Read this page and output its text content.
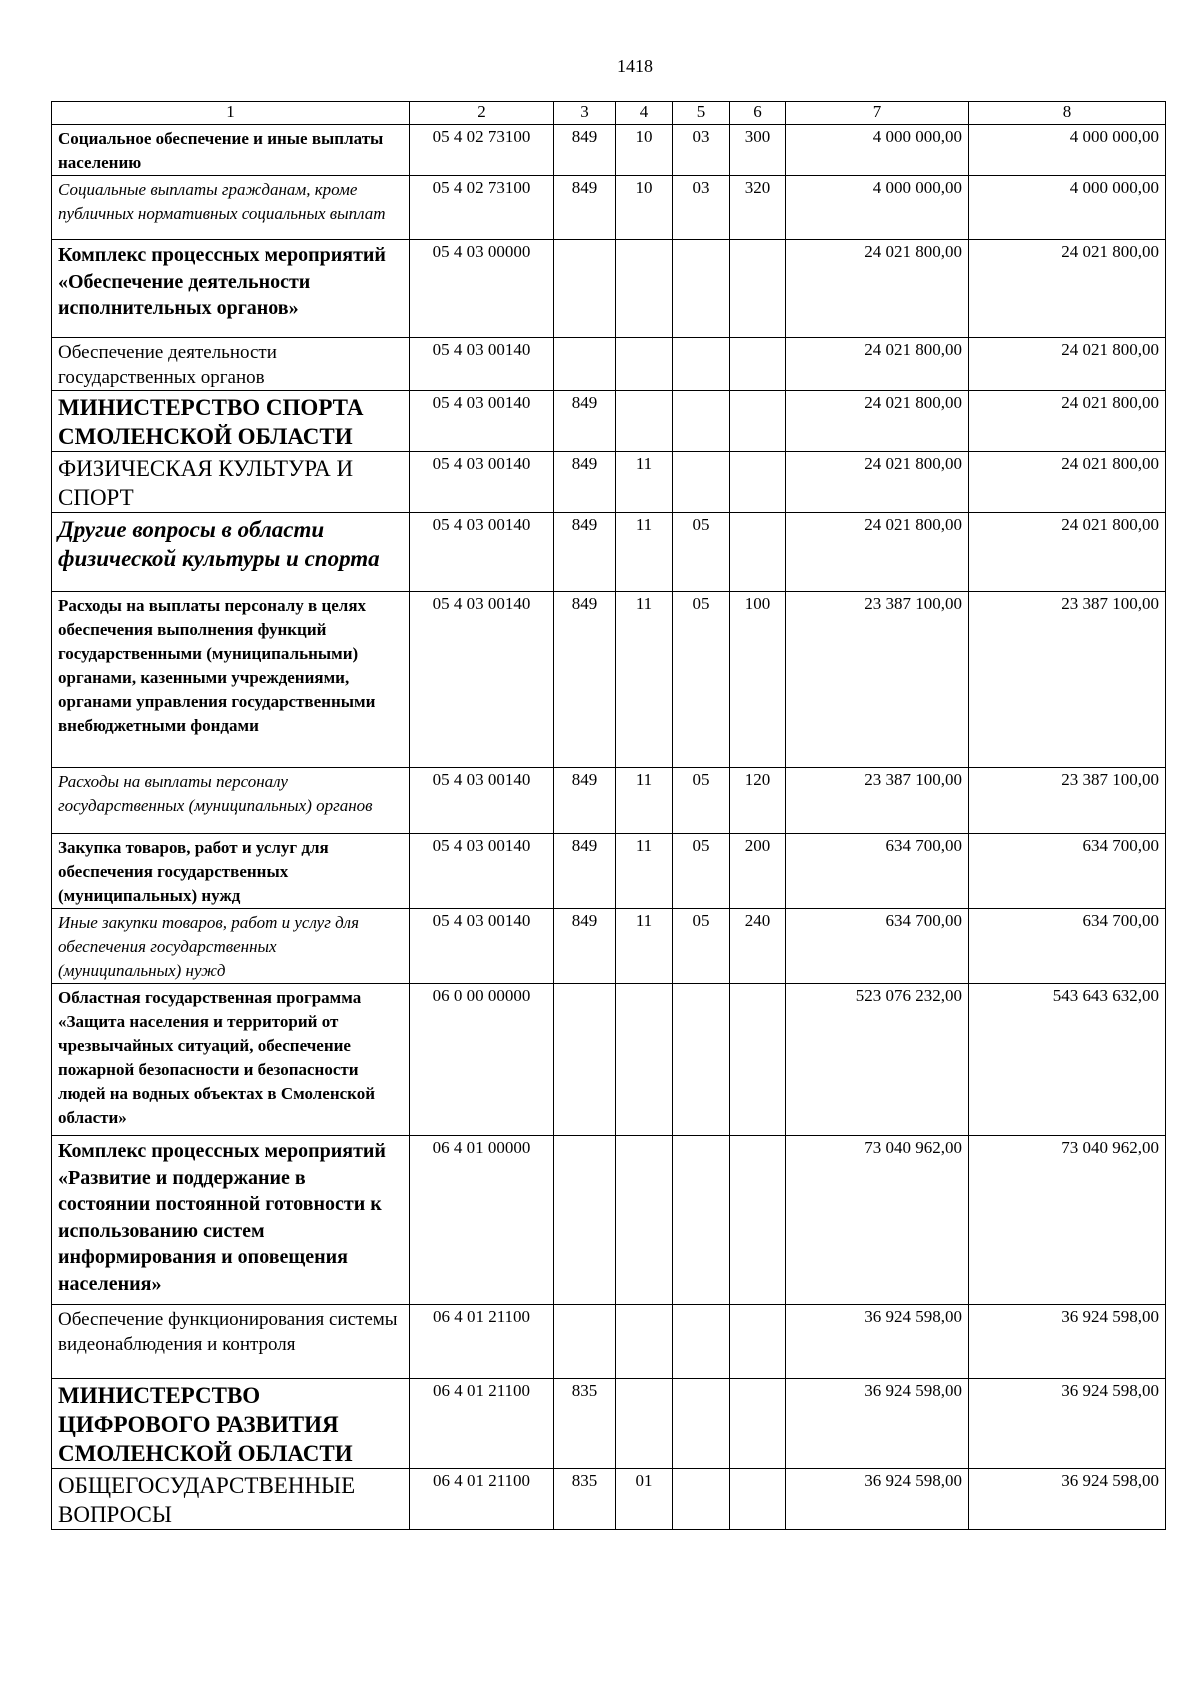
1418
1	2	3	4	5	6	7	8
Социальное обеспечение и иные выплаты населению	05 4 02 73100	849	10	03	300	4 000 000,00	4 000 000,00
Социальные выплаты гражданам, кроме публичных нормативных социальных выплат	05 4 02 73100	849	10	03	320	4 000 000,00	4 000 000,00
Комплекс процессных мероприятий «Обеспечение деятельности исполнительных органов»	05 4 03 00000					24 021 800,00	24 021 800,00
Обеспечение деятельности государственных органов	05 4 03 00140					24 021 800,00	24 021 800,00
МИНИСТЕРСТВО СПОРТА СМОЛЕНСКОЙ ОБЛАСТИ	05 4 03 00140	849				24 021 800,00	24 021 800,00
ФИЗИЧЕСКАЯ КУЛЬТУРА И СПОРТ	05 4 03 00140	849	11			24 021 800,00	24 021 800,00
Другие вопросы в области физической культуры и спорта	05 4 03 00140	849	11	05		24 021 800,00	24 021 800,00
Расходы на выплаты персоналу в целях обеспечения выполнения функций государственными (муниципальными) органами, казенными учреждениями, органами управления государственными внебюджетными фондами	05 4 03 00140	849	11	05	100	23 387 100,00	23 387 100,00
Расходы на выплаты персоналу государственных (муниципальных) органов	05 4 03 00140	849	11	05	120	23 387 100,00	23 387 100,00
Закупка товаров, работ и услуг для обеспечения государственных (муниципальных) нужд	05 4 03 00140	849	11	05	200	634 700,00	634 700,00
Иные закупки товаров, работ и услуг для обеспечения государственных (муниципальных) нужд	05 4 03 00140	849	11	05	240	634 700,00	634 700,00
Областная государственная программа «Защита населения и территорий от чрезвычайных ситуаций, обеспечение пожарной безопасности и безопасности людей на водных объектах в Смоленской области»	06 0 00 00000					523 076 232,00	543 643 632,00
Комплекс процессных мероприятий «Развитие и поддержание в состоянии постоянной готовности к использованию систем информирования и оповещения населения»	06 4 01 00000					73 040 962,00	73 040 962,00
Обеспечение функционирования системы видеонаблюдения и контроля	06 4 01 21100					36 924 598,00	36 924 598,00
МИНИСТЕРСТВО ЦИФРОВОГО РАЗВИТИЯ СМОЛЕНСКОЙ ОБЛАСТИ	06 4 01 21100	835				36 924 598,00	36 924 598,00
ОБЩЕГОСУДАРСТВЕННЫЕ ВОПРОСЫ	06 4 01 21100	835	01			36 924 598,00	36 924 598,00
